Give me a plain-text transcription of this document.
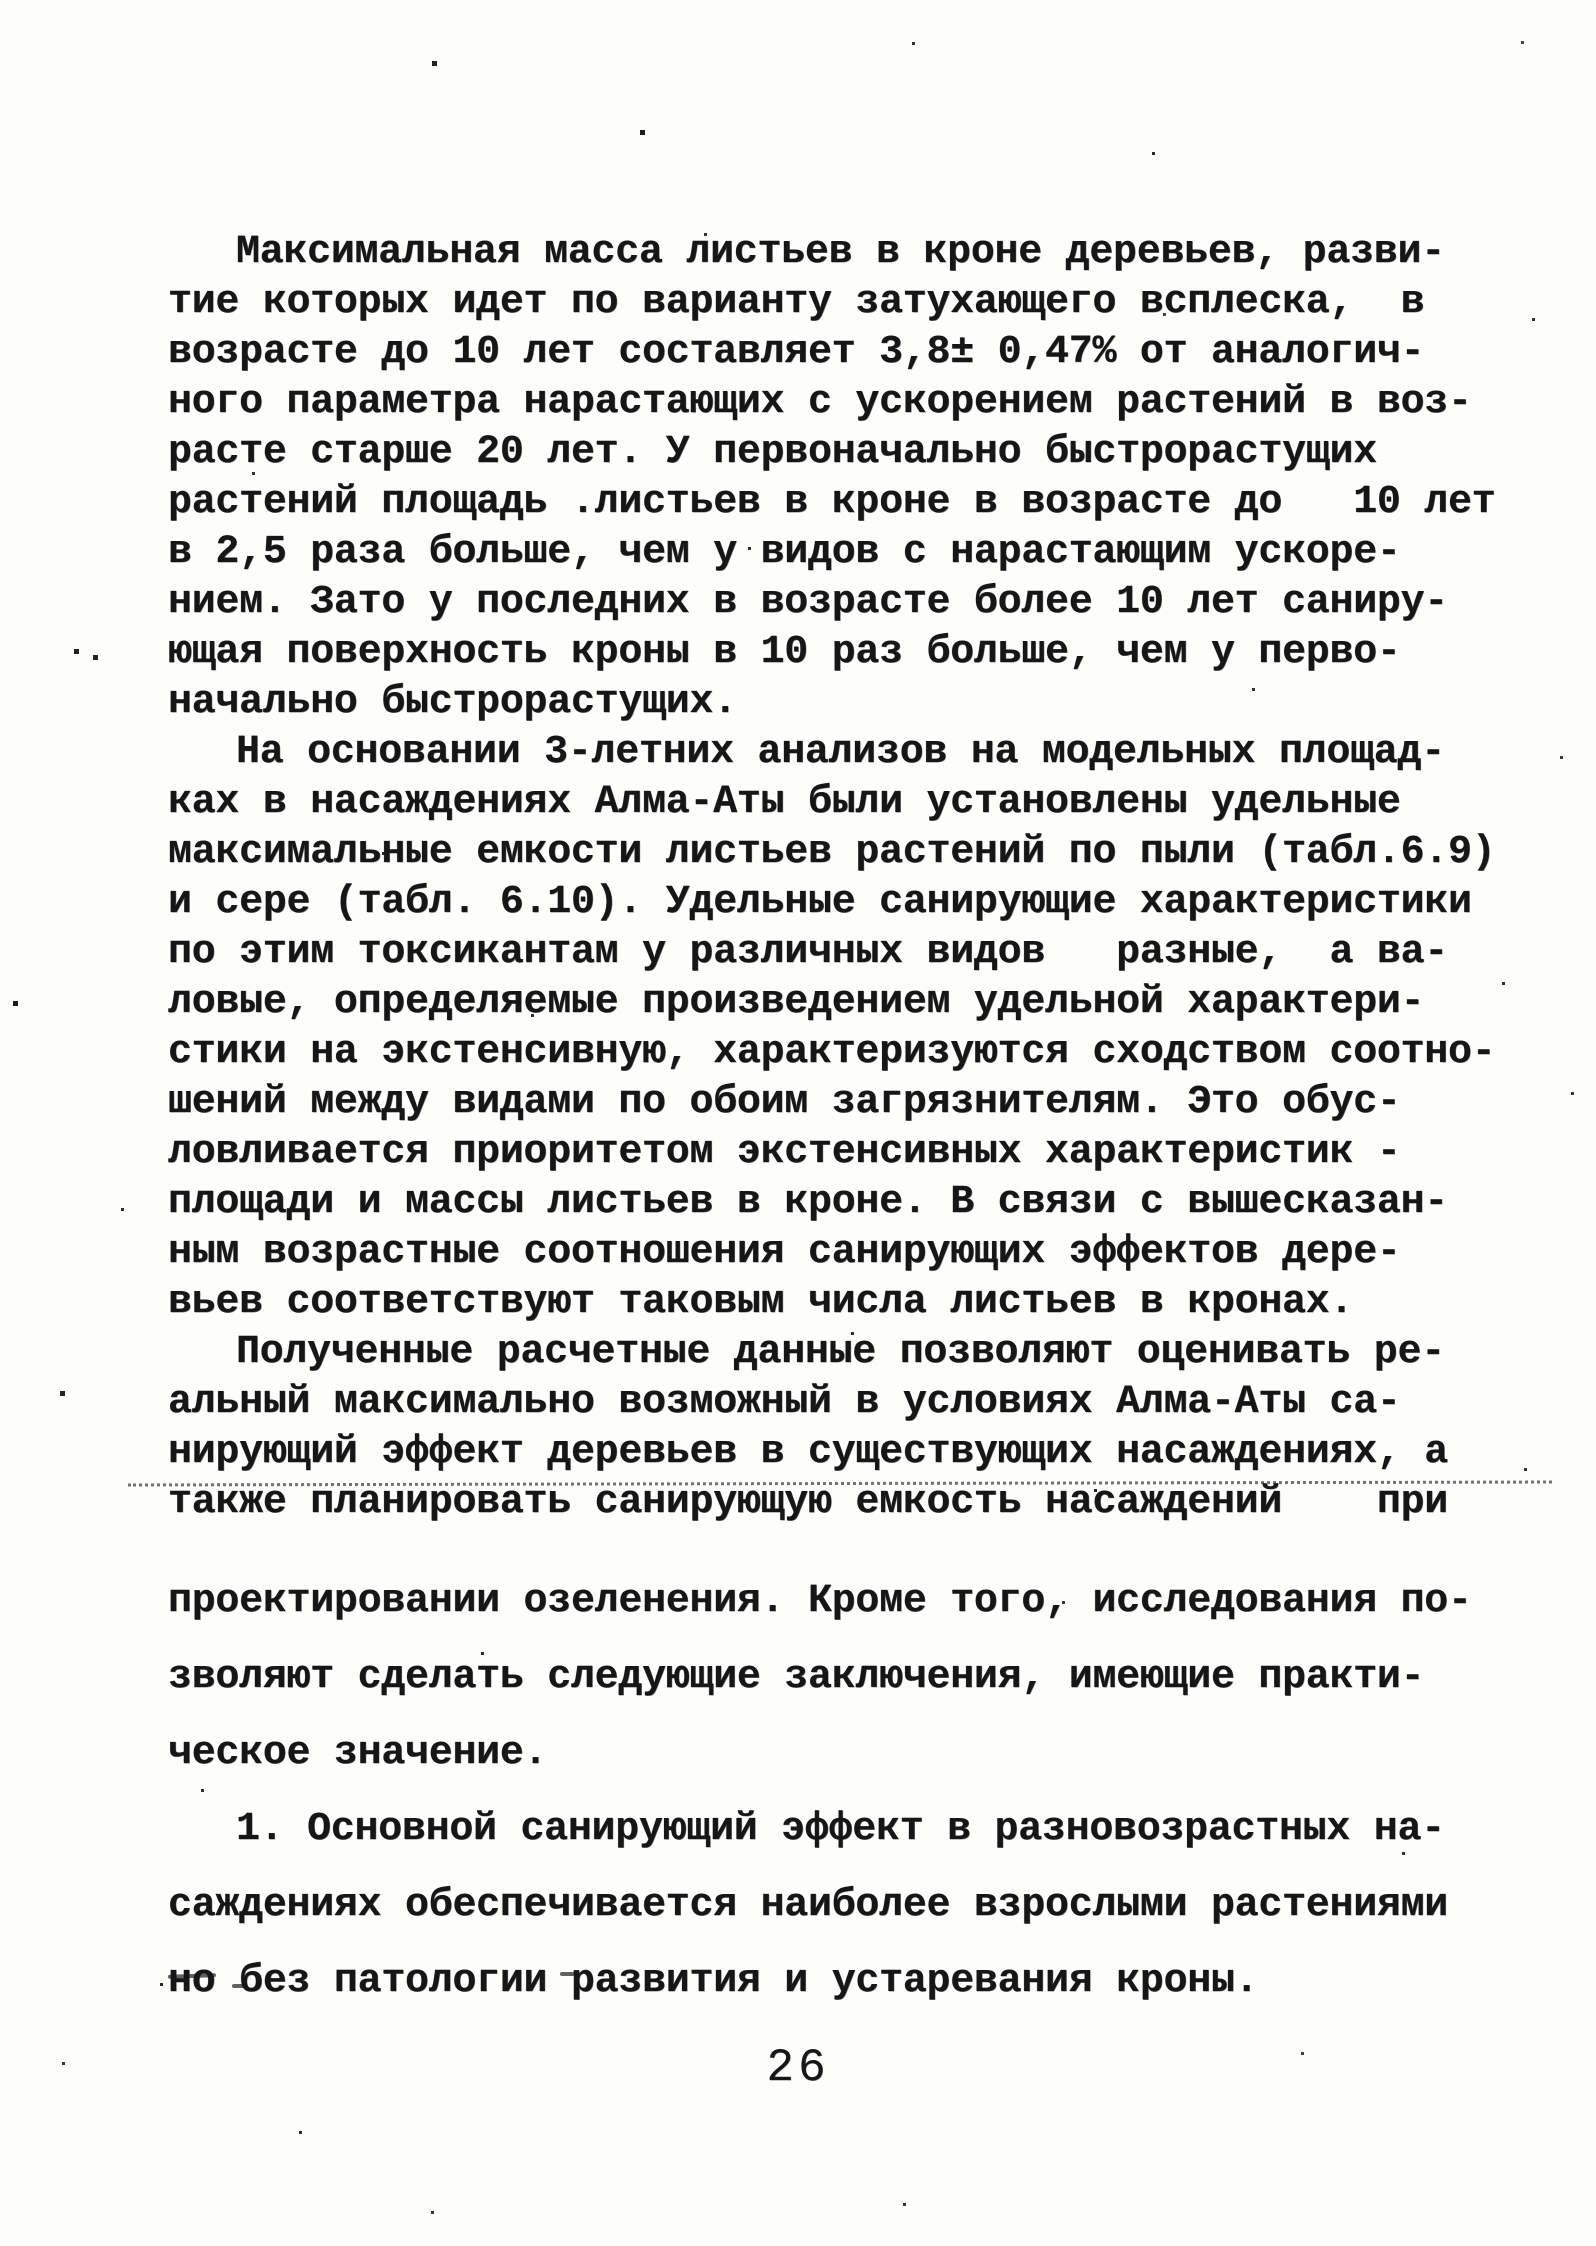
Максимальная масса листьев в кроне деревьев, разви-
тие которых идет по варианту затухающего всплеска,  в
возрасте до 10 лет составляет 3,8± 0,47% от аналогич-
ного параметра нарастающих с ускорением растений в воз-
расте старше 20 лет. У первоначально быстрорастущих
растений площадь .листьев в кроне в возрасте до   10 лет
в 2,5 раза больше, чем у видов с нарастающим ускоре-
нием. Зато у последних в возрасте более 10 лет саниру-
ющая поверхность кроны в 10 раз больше, чем у перво-
начально быстрорастущих.
На основании 3-летних анализов на модельных площад-
ках в насаждениях Алма-Аты были установлены удельные
максимальные емкости листьев растений по пыли (табл.6.9)
и сере (табл. 6.10). Удельные санирующие характеристики
по этим токсикантам у различных видов   разные,  а ва-
ловые, определяемые произведением удельной характери-
стики на экстенсивную, характеризуются сходством соотно-
шений между видами по обоим загрязнителям. Это обус-
ловливается приоритетом экстенсивных характеристик -
площади и массы листьев в кроне. В связи с вышесказан-
ным возрастные соотношения санирующих эффектов дере-
вьев соответствуют таковым числа листьев в кронах.
Полученные расчетные данные позволяют оценивать ре-
альный максимально возможный в условиях Алма-Аты са-
нирующий эффект деревьев в существующих насаждениях, а
также планировать санирующую емкость насаждений    при
проектировании озеленения. Кроме того, исследования по-
зволяют сделать следующие заключения, имеющие практи-
ческое значение.
1. Основной санирующий эффект в разновозрастных на-
саждениях обеспечивается наиболее взрослыми растениями
но без патологии развития и устаревания кроны.
26
